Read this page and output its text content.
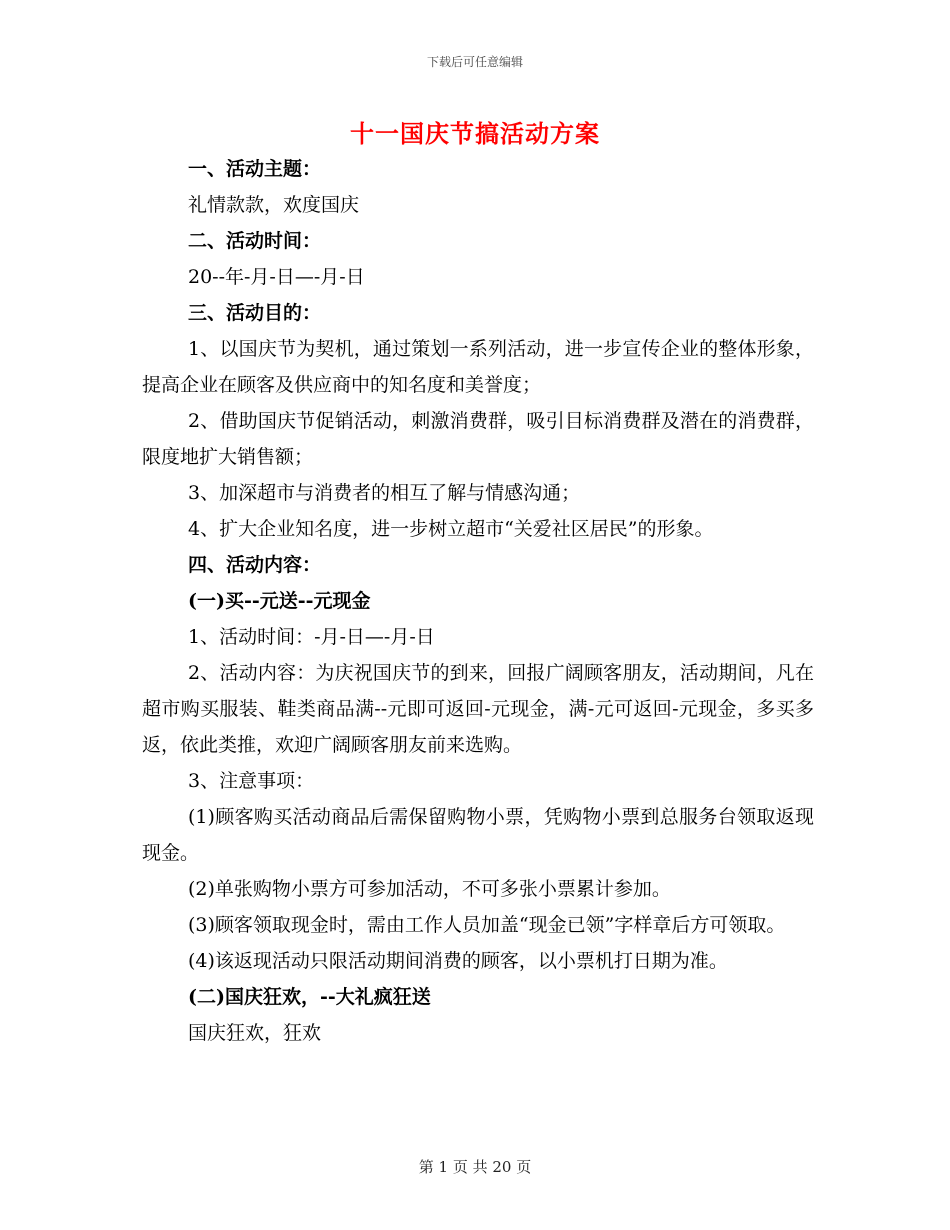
下载后可任意编辑
十一国庆节搞活动方案
一、活动主题：
礼情款款，欢度国庆
二、活动时间：
20--年-月-日—-月-日
三、活动目的：
1、以国庆节为契机，通过策划一系列活动，进一步宣传企业的整体形象，提高企业在顾客及供应商中的知名度和美誉度；
2、借助国庆节促销活动，刺激消费群，吸引目标消费群及潜在的消费群，限度地扩大销售额；
3、加深超市与消费者的相互了解与情感沟通；
4、扩大企业知名度，进一步树立超市“关爱社区居民”的形象。
四、活动内容：
(一)买--元送--元现金
1、活动时间：-月-日—-月-日
2、活动内容：为庆祝国庆节的到来，回报广阔顾客朋友，活动期间，凡在超市购买服装、鞋类商品满--元即可返回-元现金，满-元可返回-元现金，多买多返，依此类推，欢迎广阔顾客朋友前来选购。
3、注意事项：
(1)顾客购买活动商品后需保留购物小票，凭购物小票到总服务台领取返现现金。
(2)单张购物小票方可参加活动，不可多张小票累计参加。
(3)顾客领取现金时，需由工作人员加盖“现金已领”字样章后方可领取。
(4)该返现活动只限活动期间消费的顾客，以小票机打日期为准。
(二)国庆狂欢，--大礼疯狂送
国庆狂欢，狂欢
第 1 页 共 20 页
